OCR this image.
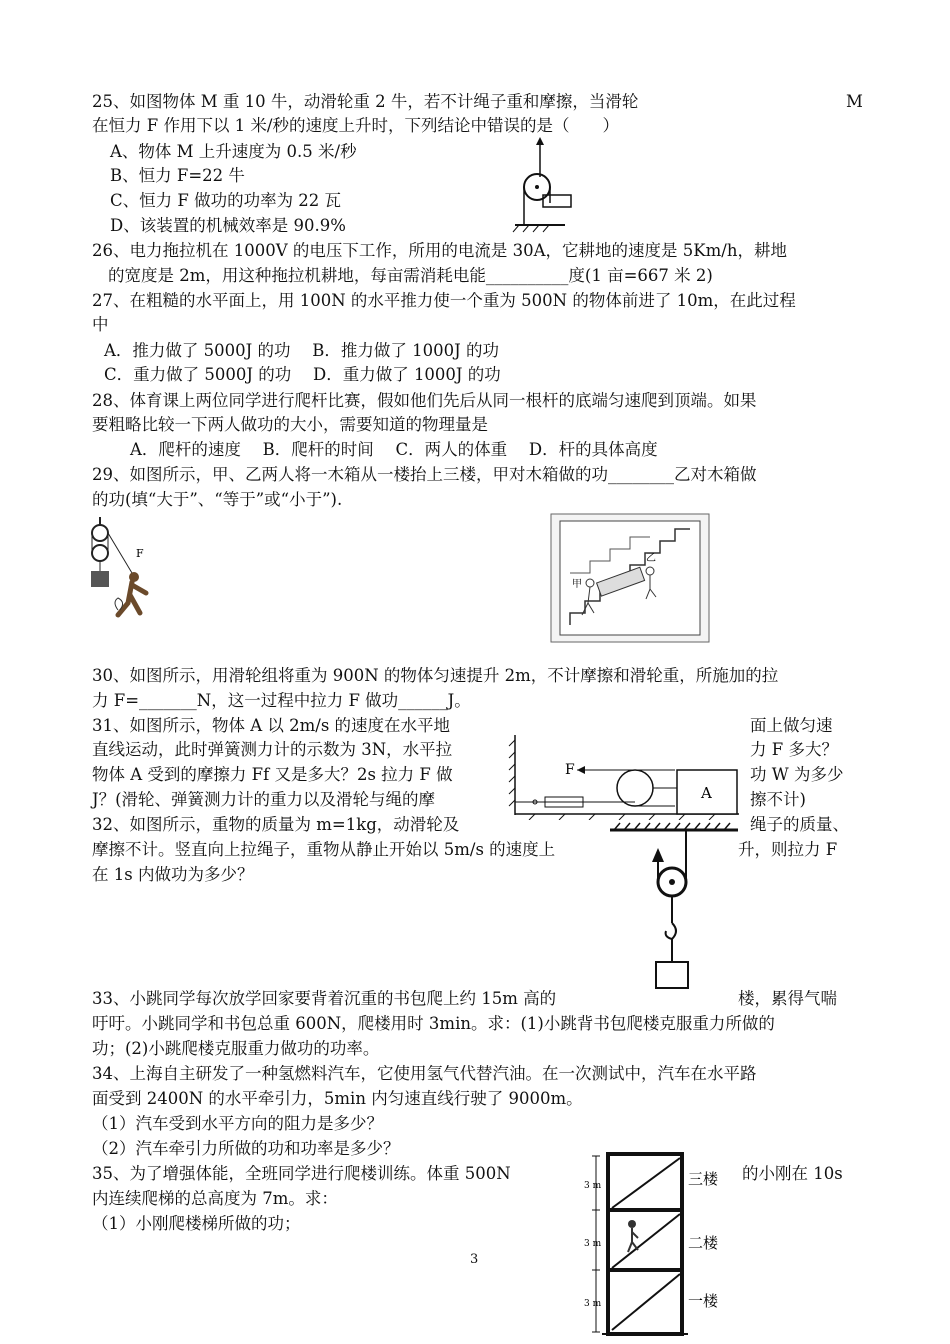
25、如图物体 M 重 10 牛，动滑轮重 2 牛，若不计绳子重和摩擦，当滑轮	M
在恒力 F 作用下以 1 米/秒的速度上升时，下列结论中错误的是（　　）
A、物体 M 上升速度为 0.5 米/秒
B、恒力 F=22 牛
C、恒力 F 做功的功率为 22 瓦
D、该装置的机械效率是 90.9%
26、电力拖拉机在 1000V 的电压下工作，所用的电流是 30A，它耕地的速度是 5Km/h，耕地
的宽度是 2m，用这种拖拉机耕地，每亩需消耗电能__________度(1 亩=667 米 2)
27、在粗糙的水平面上，用 100N 的水平推力使一个重为 500N 的物体前进了 10m，在此过程
中
A．推力做了 5000J 的功　 B．推力做了 1000J 的功
C．重力做了 5000J 的功　 D．重力做了 1000J 的功
28、体育课上两位同学进行爬杆比赛，假如他们先后从同一根杆的底端匀速爬到顶端。如果
要粗略比较一下两人做功的大小，需要知道的物理量是
A．爬杆的速度　 B．爬杆的时间　 C．两人的体重　 D．杆的具体高度
29、如图所示，甲、乙两人将一木箱从一楼抬上三楼，甲对木箱做的功________乙对木箱做
的功(填“大于”、“等于”或“小于”).
F
甲
乙
30、如图所示，用滑轮组将重为 900N 的物体匀速提升 2m，不计摩擦和滑轮重，所施加的拉
力 F=_______N，这一过程中拉力 F 做功______J。
31、如图所示，物体 A 以 2m/s 的速度在水平地	面上做匀速
直线运动，此时弹簧测力计的示数为 3N，水平拉	力 F 多大？
物体 A 受到的摩擦力 Ff 又是多大？2s 拉力 F 做	功 W 为多少
J？(滑轮、弹簧测力计的重力以及滑轮与绳的摩	擦不计)
F
A
32、如图所示，重物的质量为 m=1kg，动滑轮及	绳子的质量、
摩擦不计。竖直向上拉绳子，重物从静止开始以 5m/s 的速度上	升，则拉力 F
在 1s 内做功为多少？
33、小跳同学每次放学回家要背着沉重的书包爬上约 15m 高的	楼，累得气喘
吁吁。小跳同学和书包总重 600N，爬楼用时 3min。求：(1)小跳背书包爬楼克服重力所做的
功；(2)小跳爬楼克服重力做功的功率。
34、上海自主研发了一种氢燃料汽车，它使用氢气代替汽油。在一次测试中，汽车在水平路
面受到 2400N 的水平牵引力，5min 内匀速直线行驶了 9000m。
（1）汽车受到水平方向的阻力是多少？
（2）汽车牵引力所做的功和功率是多少？
35、为了增强体能，全班同学进行爬楼训练。体重 500N	的小刚在 10s
内连续爬梯的总高度为 7m。求：
（1）小刚爬楼梯所做的功；
3 m
3 m
3 m
三楼
二楼
一楼
3
